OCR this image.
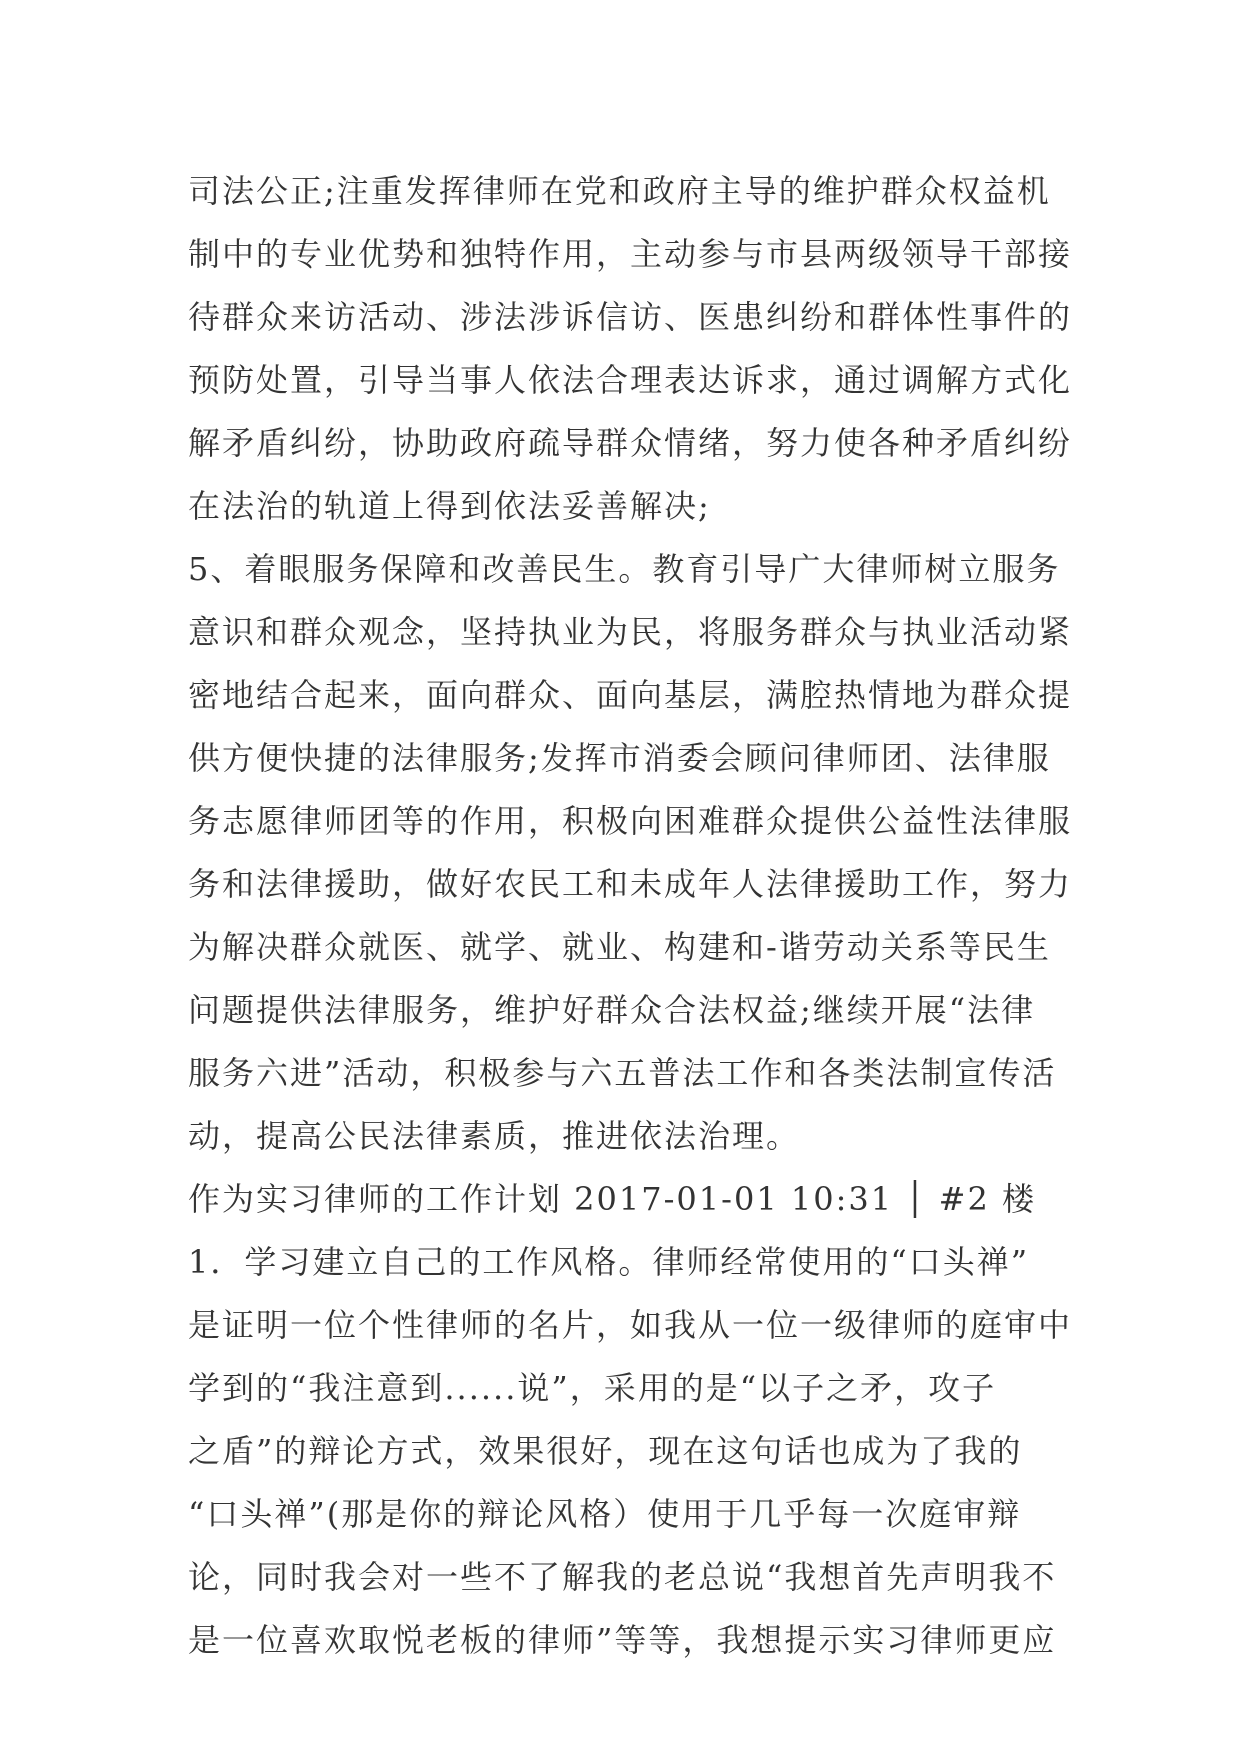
司法公正;注重发挥律师在党和政府主导的维护群众权益机
制中的专业优势和独特作用，主动参与市县两级领导干部接
待群众来访活动、涉法涉诉信访、医患纠纷和群体性事件的
预防处置，引导当事人依法合理表达诉求，通过调解方式化
解矛盾纠纷，协助政府疏导群众情绪，努力使各种矛盾纠纷
在法治的轨道上得到依法妥善解决;
5、着眼服务保障和改善民生。教育引导广大律师树立服务
意识和群众观念，坚持执业为民，将服务群众与执业活动紧
密地结合起来，面向群众、面向基层，满腔热情地为群众提
供方便快捷的法律服务;发挥市消委会顾问律师团、法律服
务志愿律师团等的作用，积极向困难群众提供公益性法律服
务和法律援助，做好农民工和未成年人法律援助工作，努力
为解决群众就医、就学、就业、构建和-谐劳动关系等民生
问题提供法律服务，维护好群众合法权益;继续开展“法律
服务六进”活动，积极参与六五普法工作和各类法制宣传活
动，提高公民法律素质，推进依法治理。
作为实习律师的工作计划 2017-01-01 10:31 │ #2 楼
1．学习建立自己的工作风格。律师经常使用的“口头禅”
是证明一位个性律师的名片，如我从一位一级律师的庭审中
学到的“我注意到......说”，采用的是“以子之矛，攻子
之盾”的辩论方式，效果很好，现在这句话也成为了我的
“口头禅”(那是你的辩论风格）使用于几乎每一次庭审辩
论，同时我会对一些不了解我的老总说“我想首先声明我不
是一位喜欢取悦老板的律师”等等，我想提示实习律师更应
